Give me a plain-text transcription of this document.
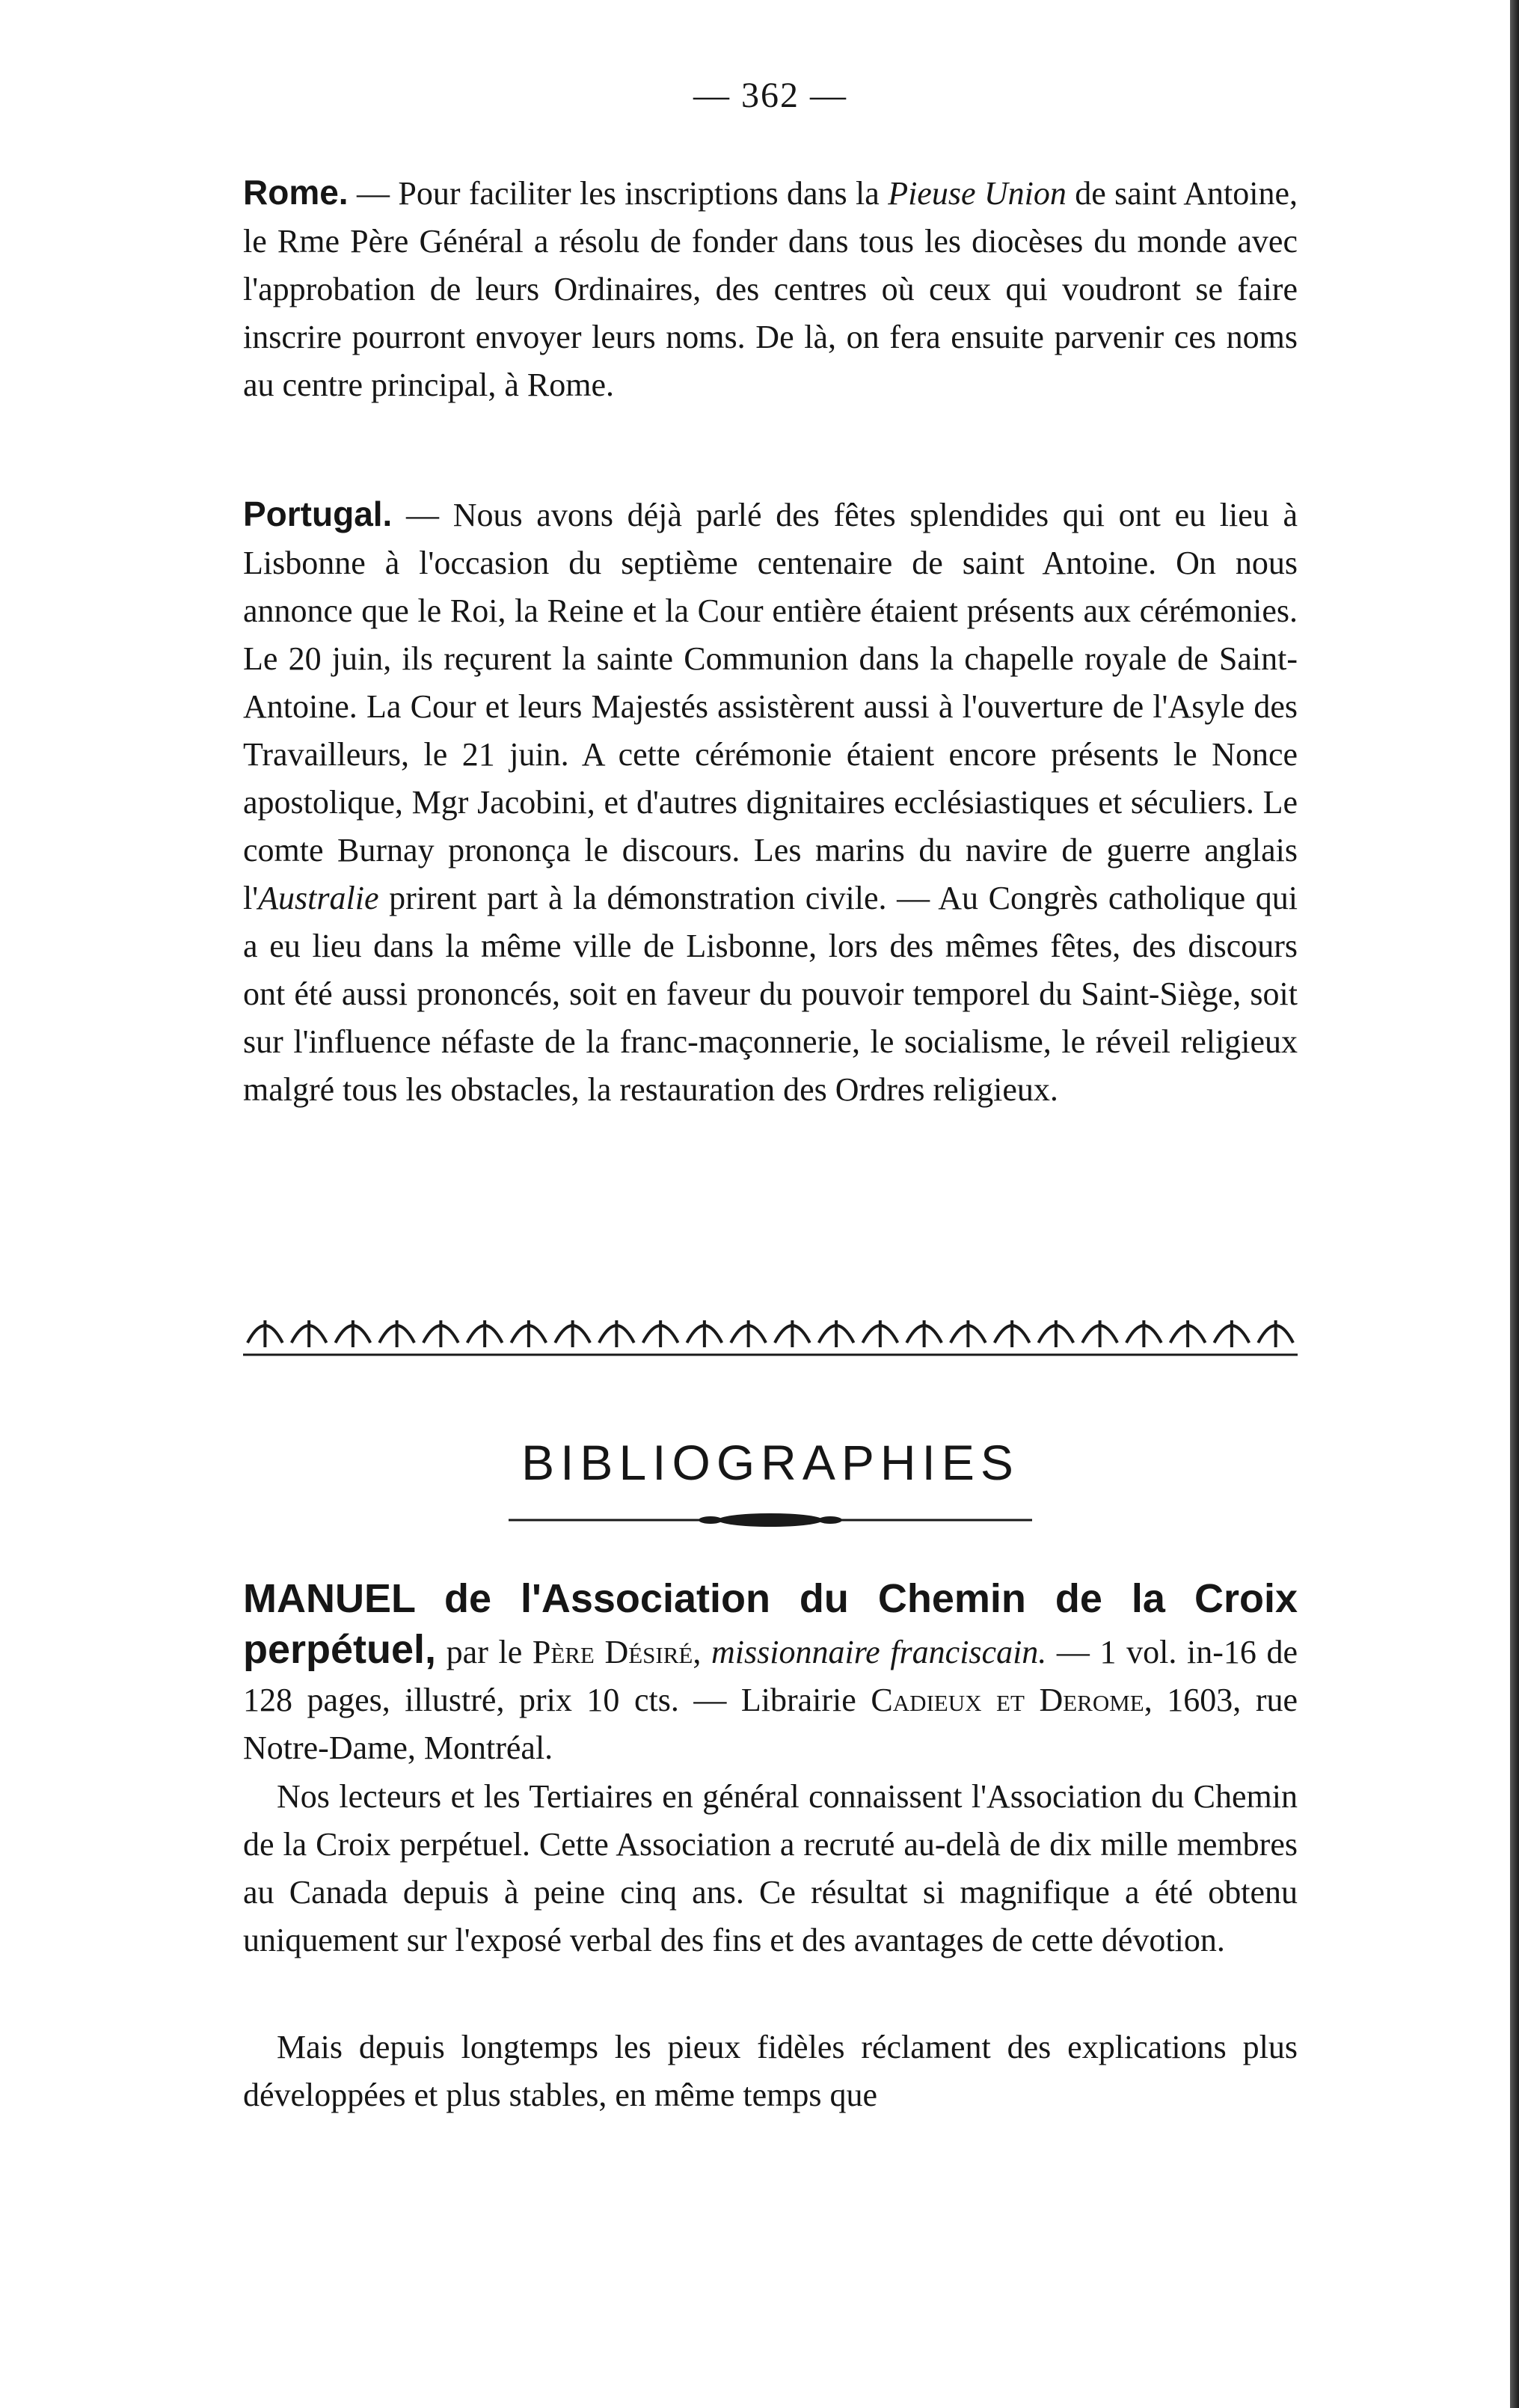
— 362 —

Rome. — Pour faciliter les inscriptions dans la Pieuse Union de saint Antoine, le Rme Père Général a résolu de fonder dans tous les diocèses du monde avec l'approbation de leurs Ordinaires, des centres où ceux qui voudront se faire inscrire pourront envoyer leurs noms. De là, on fera ensuite parvenir ces noms au centre principal, à Rome.

Portugal. — Nous avons déjà parlé des fêtes splendides qui ont eu lieu à Lisbonne à l'occasion du septième centenaire de saint Antoine. On nous annonce que le Roi, la Reine et la Cour entière étaient présents aux cérémonies. Le 20 juin, ils reçurent la sainte Communion dans la chapelle royale de Saint-Antoine. La Cour et leurs Majestés assistèrent aussi à l'ouverture de l'Asyle des Travailleurs, le 21 juin. A cette cérémonie étaient encore présents le Nonce apostolique, Mgr Jacobini, et d'autres dignitaires ecclésiastiques et séculiers. Le comte Burnay prononça le discours. Les marins du navire de guerre anglais l'Australie prirent part à la démonstration civile. — Au Congrès catholique qui a eu lieu dans la même ville de Lisbonne, lors des mêmes fêtes, des discours ont été aussi prononcés, soit en faveur du pouvoir temporel du Saint-Siège, soit sur l'influence néfaste de la franc-maçonnerie, le socialisme, le réveil religieux malgré tous les obstacles, la restauration des Ordres religieux.

BIBLIOGRAPHIES

MANUEL de l'Association du Chemin de la Croix perpétuel, par le Père Désiré, missionnaire franciscain. — 1 vol. in-16 de 128 pages, illustré, prix 10 cts. — Librairie Cadieux et Derome, 1603, rue Notre-Dame, Montréal.

Nos lecteurs et les Tertiaires en général connaissent l'Association du Chemin de la Croix perpétuel. Cette Association a recruté au-delà de dix mille membres au Canada depuis à peine cinq ans. Ce résultat si magnifique a été obtenu uniquement sur l'exposé verbal des fins et des avantages de cette dévotion.

Mais depuis longtemps les pieux fidèles réclament des explications plus développées et plus stables, en même temps que
